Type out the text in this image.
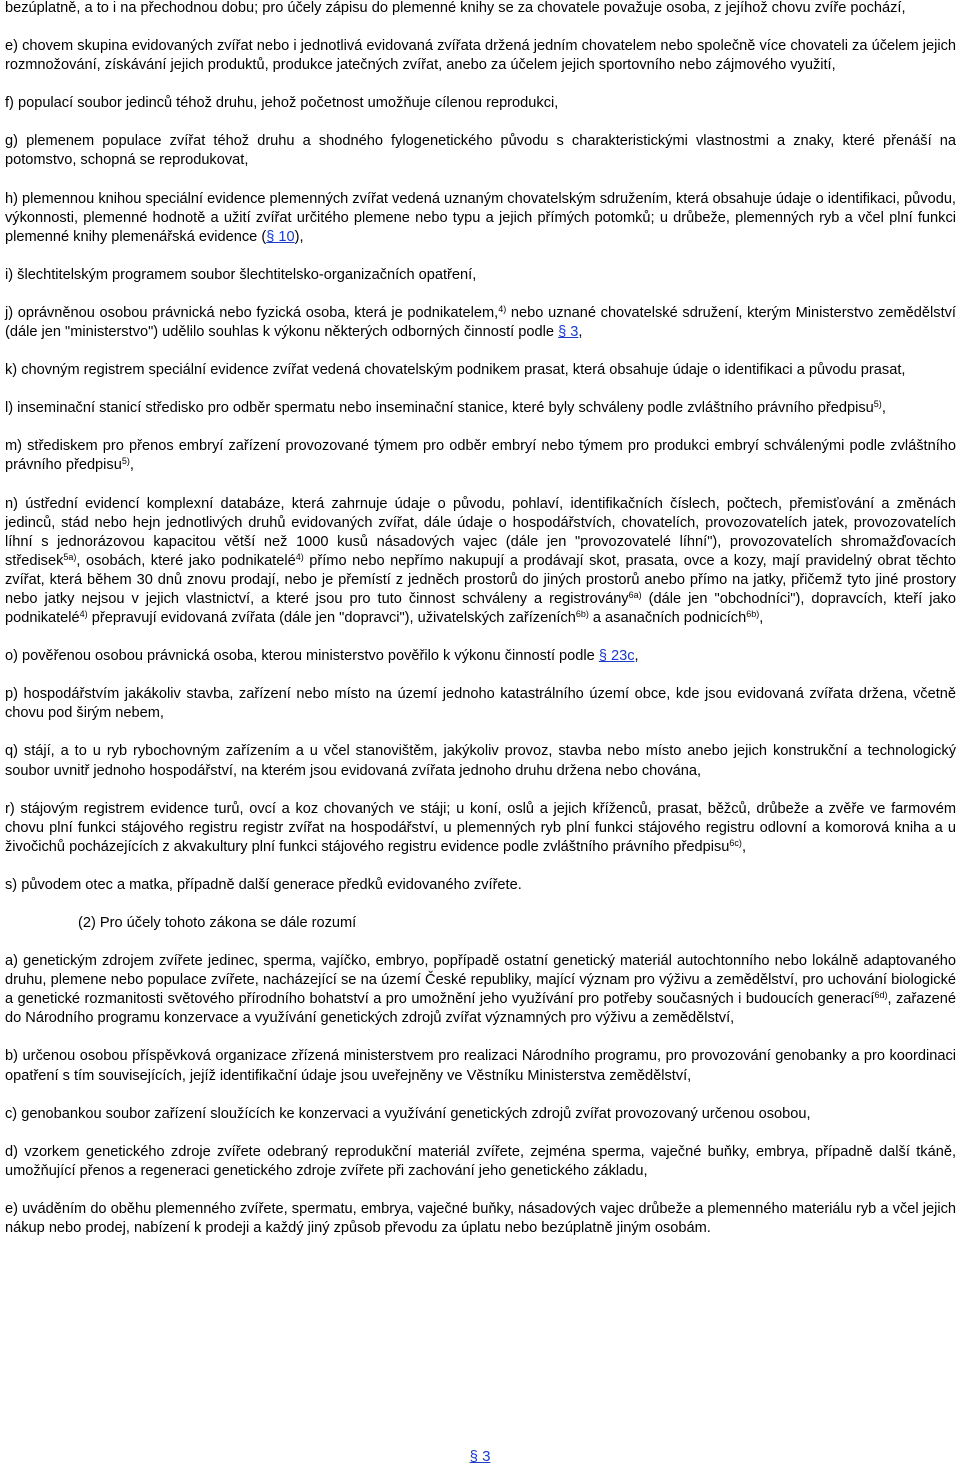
bezúplatně, a to i na přechodnou dobu; pro účely zápisu do plemenné knihy se za chovatele považuje osoba, z jejíhož chovu zvíře pochází,

e) chovem skupina evidovaných zvířat nebo i jednotlivá evidovaná zvířata držená jedním chovatelem nebo společně více chovateli za účelem jejich rozmnožování, získávání jejich produktů, produkce jatečných zvířat, anebo za účelem jejich sportovního nebo zájmového využití,

f) populací soubor jedinců téhož druhu, jehož početnost umožňuje cílenou reprodukci,

g) plemenem populace zvířat téhož druhu a shodného fylogenetického původu s charakteristickými vlastnostmi a znaky, které přenáší na potomstvo, schopná se reprodukovat,

h) plemennou knihou speciální evidence plemenných zvířat vedená uznaným chovatelským sdružením, která obsahuje údaje o identifikaci, původu, výkonnosti, plemenné hodnotě a užití zvířat určitého plemene nebo typu a jejich přímých potomků; u drůbeže, plemenných ryb a včel plní funkci plemenné knihy plemenářská evidence (§ 10),

i) šlechtitelským programem soubor šlechtitelsko-organizačních opatření,

j) oprávněnou osobou právnická nebo fyzická osoba, která je podnikatelem,$^{4)}$ nebo uznané chovatelské sdružení, kterým Ministerstvo zemědělství (dále jen "ministerstvo") udělilo souhlas k výkonu některých odborných činností podle § 3,

k) chovným registrem speciální evidence zvířat vedená chovatelským podnikem prasat, která obsahuje údaje o identifikaci a původu prasat,

l) inseminační stanicí středisko pro odběr spermatu nebo inseminační stanice, které byly schváleny podle zvláštního právního předpisu$^{5)}$,

m) střediskem pro přenos embryí zařízení provozované týmem pro odběr embryí nebo týmem pro produkci embryí schválenými podle zvláštního právního předpisu$^{5)}$,

n) ústřední evidencí komplexní databáze, která zahrnuje údaje o původu, pohlaví, identifikačních číslech, počtech, přemisťování a změnách jedinců, stád nebo hejn jednotlivých druhů evidovaných zvířat, dále údaje o hospodářstvích, chovatelích, provozovatelích jatek, provozovatelích líhní s jednorázovou kapacitou větší než 1000 kusů násadových vajec (dále jen "provozovatelé líhní"), provozovatelích shromažďovacích středisek$^{5a)}$, osobách, které jako podnikatelé$^{4)}$ přímo nebo nepřímo nakupují a prodávají skot, prasata, ovce a kozy, mají pravidelný obrat těchto zvířat, která během 30 dnů znovu prodají, nebo je přemístí z jedněch prostorů do jiných prostorů anebo přímo na jatky, přičemž tyto jiné prostory nebo jatky nejsou v jejich vlastnictví, a které jsou pro tuto činnost schváleny a registrovány$^{6a)}$ (dále jen "obchodníci"), dopravcích, kteří jako podnikatelé$^{4)}$ přepravují evidovaná zvířata (dále jen "dopravci"), uživatelských zařízeních$^{6b)}$ a asanačních podnicích$^{6b)}$,

o) pověřenou osobou právnická osoba, kterou ministerstvo pověřilo k výkonu činností podle § 23c,

p) hospodářstvím jakákoliv stavba, zařízení nebo místo na území jednoho katastrálního území obce, kde jsou evidovaná zvířata držena, včetně chovu pod širým nebem,

q) stájí, a to u ryb rybochovným zařízením a u včel stanovištěm, jakýkoliv provoz, stavba nebo místo anebo jejich konstrukční a technologický soubor uvnitř jednoho hospodářství, na kterém jsou evidovaná zvířata jednoho druhu držena nebo chována,

r) stájovým registrem evidence turů, ovcí a koz chovaných ve stáji; u koní, oslů a jejich kříženců, prasat, běžců, drůbeže a zvěře ve farmovém chovu plní funkci stájového registru registr zvířat na hospodářství, u plemenných ryb plní funkci stájového registru odlovní a komorová kniha a u živočichů pocházejících z akvakultury plní funkci stájového registru evidence podle zvláštního právního předpisu$^{6c)}$,

s) původem otec a matka, případně další generace předků evidovaného zvířete.

(2) Pro účely tohoto zákona se dále rozumí

a) genetickým zdrojem zvířete jedinec, sperma, vajíčko, embryo, popřípadě ostatní genetický materiál autochtonního nebo lokálně adaptovaného druhu, plemene nebo populace zvířete, nacházející se na území České republiky, mající význam pro výživu a zemědělství, pro uchování biologické a genetické rozmanitosti světového přírodního bohatství a pro umožnění jeho využívání pro potřeby současných i budoucích generací$^{6d)}$, zařazené do Národního programu konzervace a využívání genetických zdrojů zvířat významných pro výživu a zemědělství,

b) určenou osobou příspěvková organizace zřízená ministerstvem pro realizaci Národního programu, pro provozování genobanky a pro koordinaci opatření s tím souvisejících, jejíž identifikační údaje jsou uveřejněny ve Věstníku Ministerstva zemědělství,

c) genobankou soubor zařízení sloužících ke konzervaci a využívání genetických zdrojů zvířat provozovaný určenou osobou,

d) vzorkem genetického zdroje zvířete odebraný reprodukční materiál zvířete, zejména sperma, vaječné buňky, embrya, případně další tkáně, umožňující přenos a regeneraci genetického zdroje zvířete při zachování jeho genetického základu,

e) uváděním do oběhu plemenného zvířete, spermatu, embrya, vaječné buňky, násadových vajec drůbeže a plemenného materiálu ryb a včel jejich nákup nebo prodej, nabízení k prodeji a každý jiný způsob převodu za úplatu nebo bezúplatně jiným osobám.

§ 3
